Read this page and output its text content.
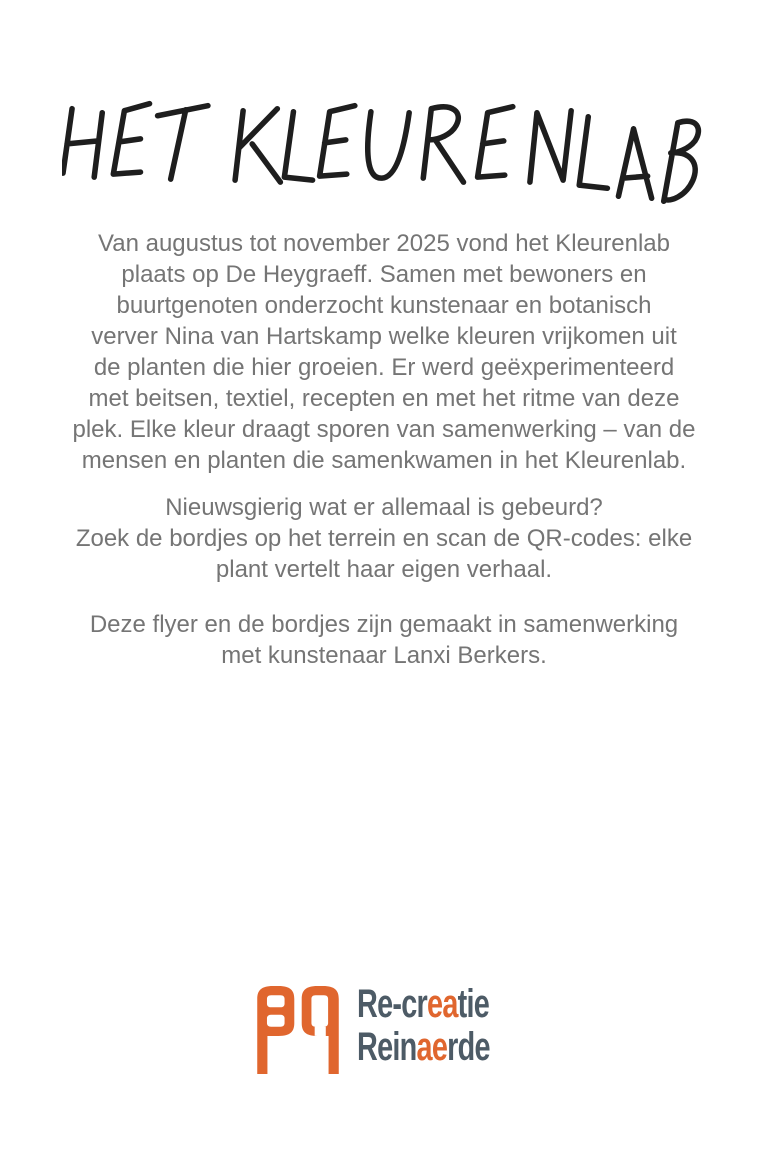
Van augustus tot november 2025 vond het Kleurenlab
plaats op De Heygraeff. Samen met bewoners en
buurtgenoten onderzocht kunstenaar en botanisch
verver Nina van Hartskamp welke kleuren vrijkomen uit
de planten die hier groeien. Er werd geëxperimenteerd
met beitsen, textiel, recepten en met het ritme van deze
plek. Elke kleur draagt sporen van samenwerking – van de
mensen en planten die samenkwamen in het Kleurenlab.
Nieuwsgierig wat er allemaal is gebeurd?
Zoek de bordjes op het terrein en scan de QR-codes: elke
plant vertelt haar eigen verhaal.
Deze flyer en de bordjes zijn gemaakt in samenwerking
met kunstenaar Lanxi Berkers.
Re-creatie
Reinaerde
